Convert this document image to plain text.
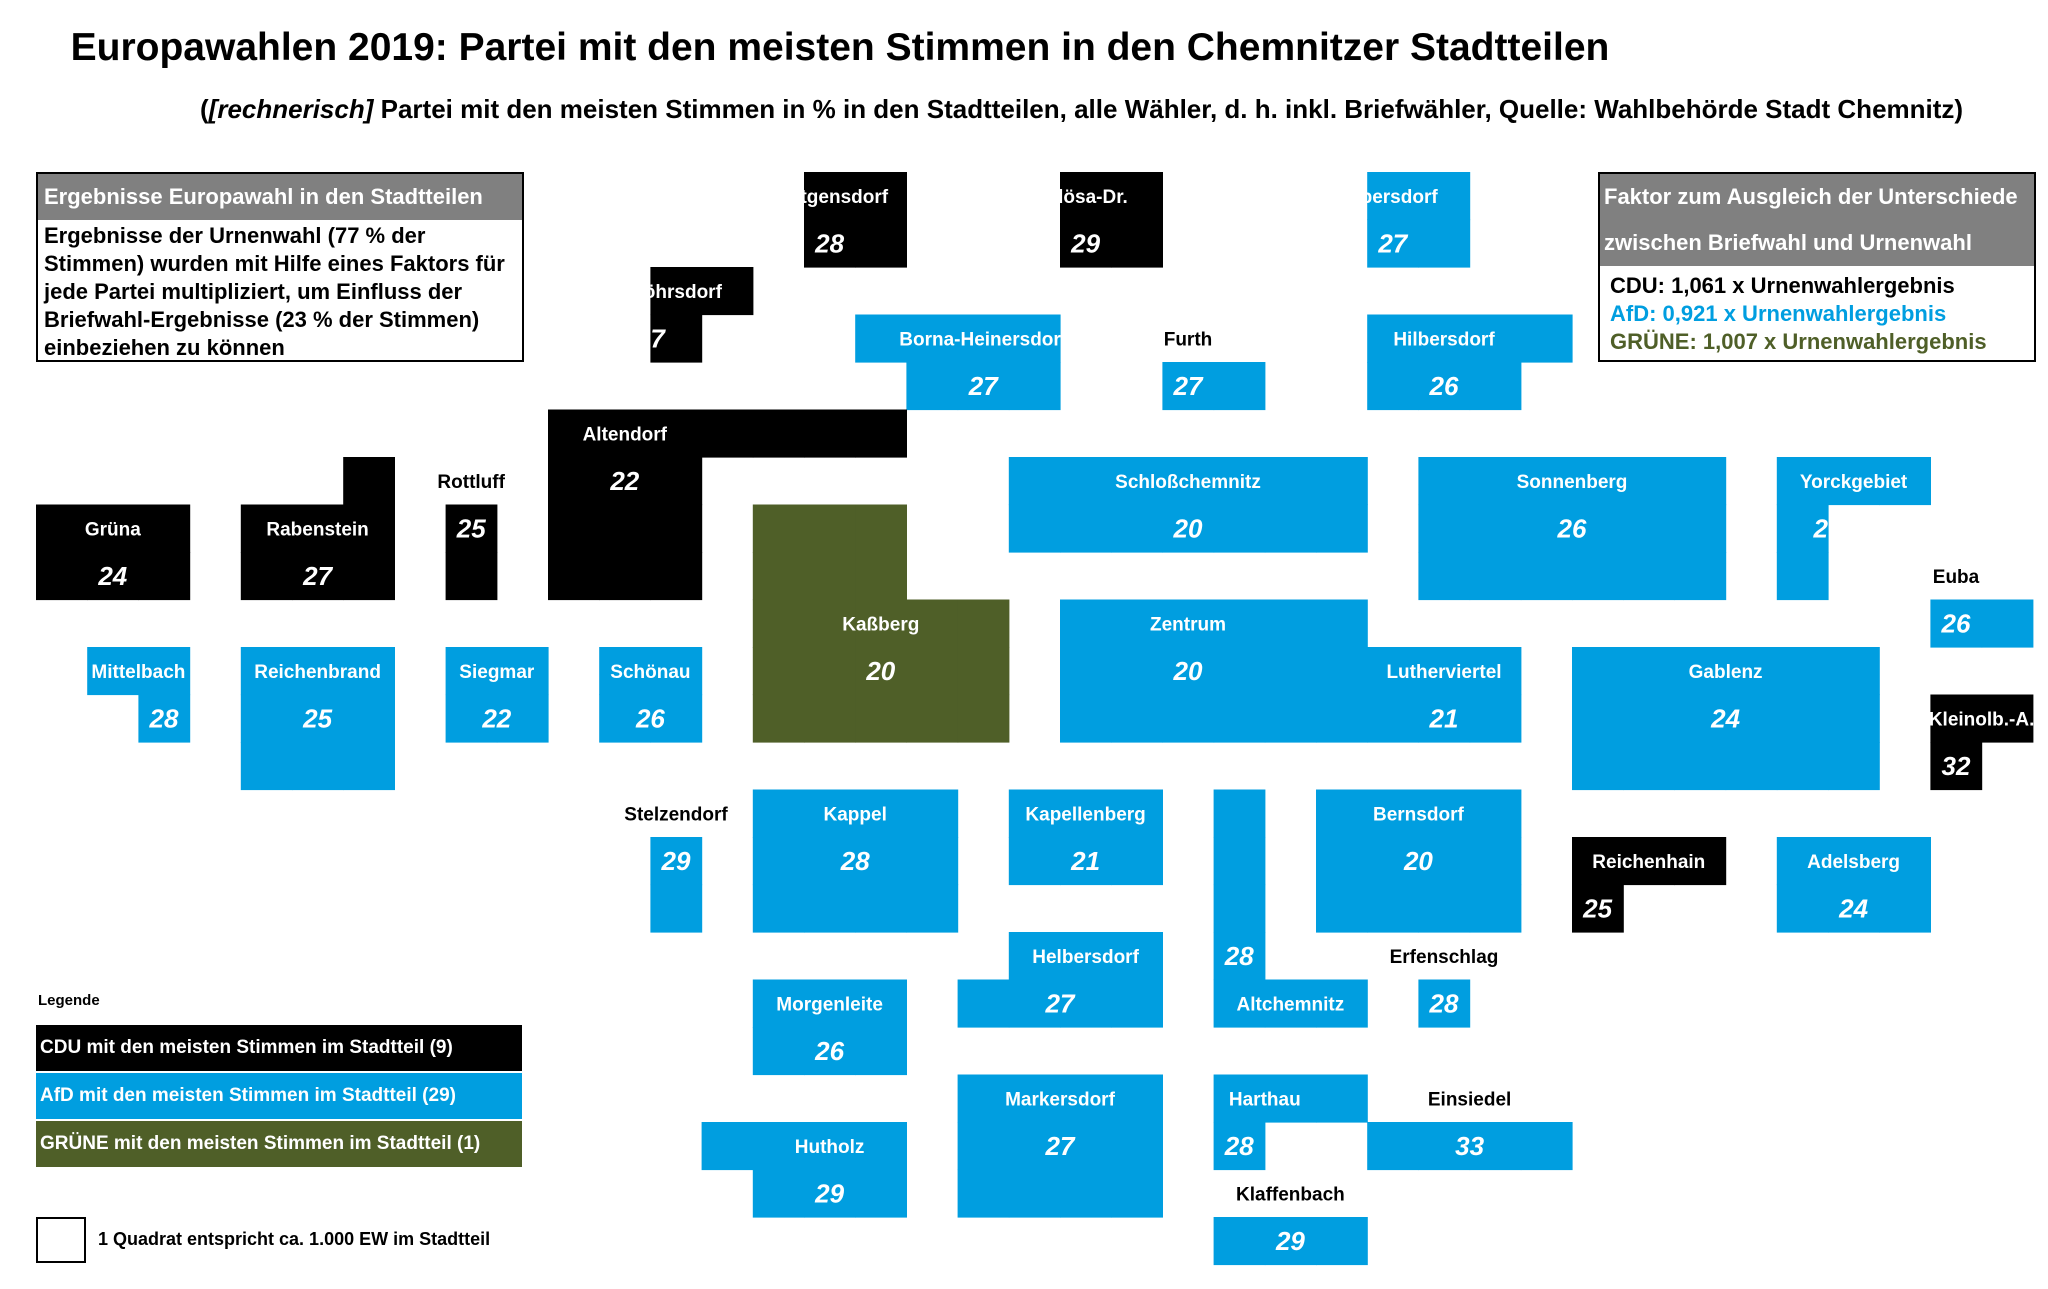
Europawahlen 2019: Partei mit den meisten Stimmen in den Chemnitzer Stadtteilen
([rechnerisch] Partei mit den meisten Stimmen in % in den Stadtteilen, alle Wähler, d. h. inkl. Briefwähler, Quelle: Wahlbehörde Stadt Chemnitz)
Ergebnisse Europawahl in den Stadtteilen
Ergebnisse der Urnenwahl (77 % der
Stimmen) wurden mit Hilfe eines Faktors für
jede Partei multipliziert, um Einfluss der
Briefwahl-Ergebnisse (23 % der Stimmen)
einbeziehen zu können
Faktor zum Ausgleich der Unterschiede
zwischen Briefwahl und Urnenwahl
CDU: 1,061 x Urnenwahlergebnis
AfD: 0,921 x Urnenwahlergebnis
GRÜNE: 1,007 x Urnenwahlergebnis
Wittgensdorf
28
Glösa-Dr.
29
Ebersdorf
27
Röhrsdorf
27	Borna-Heinersdorf
27
Furth
27
Hilbersdorf
26
Altendorf
22
Rottluff
25
Rabenstein
27
Grüna
24
Schloßchemnitz
20
Sonnenberg
26
Yorckgebiet
26
Euba
26
Kaßberg
20
Zentrum
20
Mittelbach
28
Reichenbrand
25
Siegmar
22
Schönau
26
Lutherviertel
21
Gablenz
24	Kleinolb.-A.
32
Stelzendorf
29
Kappel
28
Kapellenberg
21
Altchemnitz
28
Bernsdorf
20	Reichenhain
25
Adelsberg
24
Helbersdorf
27
Erfenschlag
28
Morgenleite
26
Markersdorf
27
Harthau
28
Einsiedel
33
Hutholz
29	Klaffenbach
29
Legende
CDU mit den meisten Stimmen im Stadtteil (9)
AfD mit den meisten Stimmen im Stadtteil (29)
GRÜNE mit den meisten Stimmen im Stadtteil (1)
1 Quadrat entspricht ca. 1.000 EW im Stadtteil
